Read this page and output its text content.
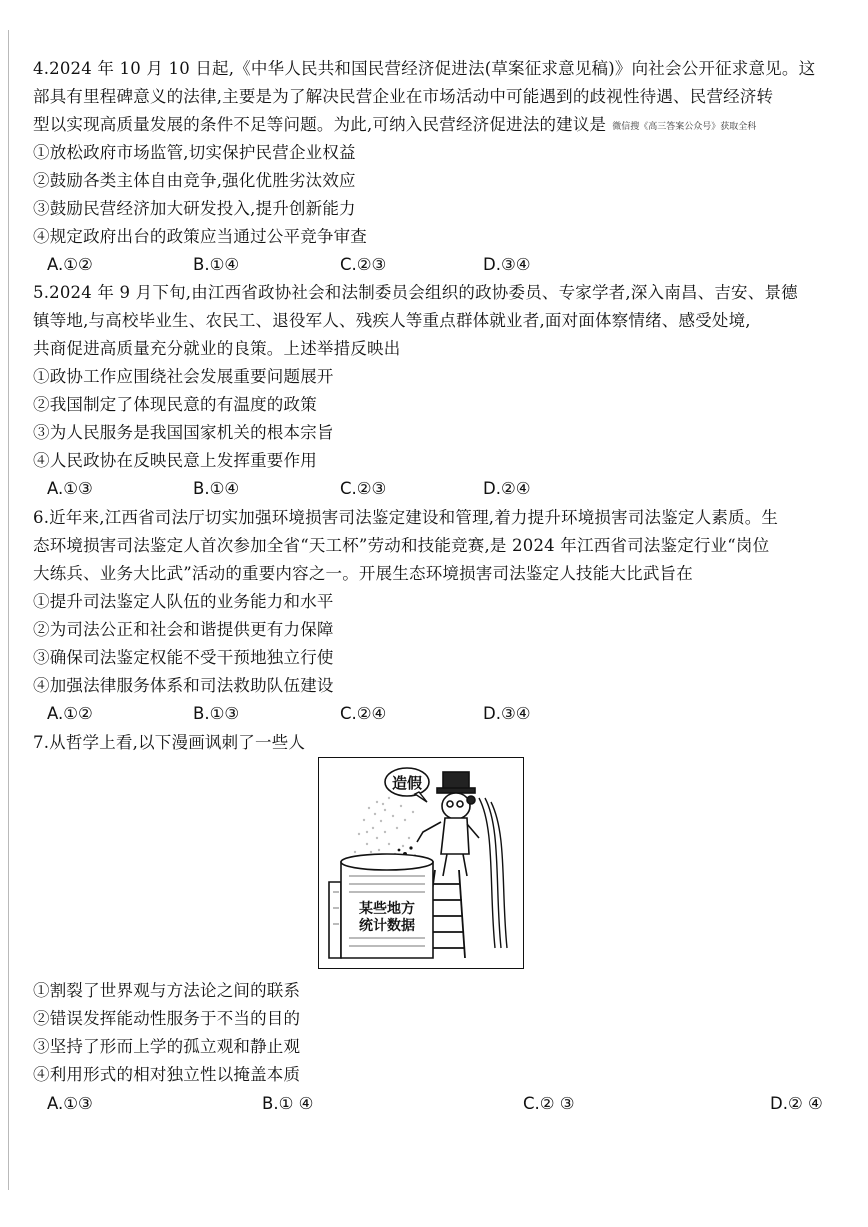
4.2024 年 10 月 10 日起,《中华人民共和国民营经济促进法(草案征求意见稿)》向社会公开征求意见。这
部具有里程碑意义的法律,主要是为了解决民营企业在市场活动中可能遇到的歧视性待遇、民营经济转
型以实现高质量发展的条件不足等问题。为此,可纳入民营经济促进法的建议是 微信搜《高三答案公众号》获取全科
①放松政府市场监管,切实保护民营企业权益
②鼓励各类主体自由竞争,强化优胜劣汰效应
③鼓励民营经济加大研发投入,提升创新能力
④规定政府出台的政策应当通过公平竞争审查
A.①②	B.①④	C.②③	D.③④
5.2024 年 9 月下旬,由江西省政协社会和法制委员会组织的政协委员、专家学者,深入南昌、吉安、景德
镇等地,与高校毕业生、农民工、退役军人、残疾人等重点群体就业者,面对面体察情绪、感受处境,
共商促进高质量充分就业的良策。上述举措反映出
①政协工作应围绕社会发展重要问题展开
②我国制定了体现民意的有温度的政策
③为人民服务是我国国家机关的根本宗旨
④人民政协在反映民意上发挥重要作用
A.①③	B.①④	C.②③	D.②④
6.近年来,江西省司法厅切实加强环境损害司法鉴定建设和管理,着力提升环境损害司法鉴定人素质。生
态环境损害司法鉴定人首次参加全省“天工杯”劳动和技能竞赛,是 2024 年江西省司法鉴定行业“岗位
大练兵、业务大比武”活动的重要内容之一。开展生态环境损害司法鉴定人技能大比武旨在
①提升司法鉴定人队伍的业务能力和水平
②为司法公正和社会和谐提供更有力保障
③确保司法鉴定权能不受干预地独立行使
④加强法律服务体系和司法救助队伍建设
A.①②	B.①③	C.②④	D.③④
7.从哲学上看,以下漫画讽刺了一些人
造假
某些地方
统计数据
①割裂了世界观与方法论之间的联系
②错误发挥能动性服务于不当的目的
③坚持了形而上学的孤立观和静止观
④利用形式的相对独立性以掩盖本质
A.①③	B.① ④	C.② ③	D.② ④
